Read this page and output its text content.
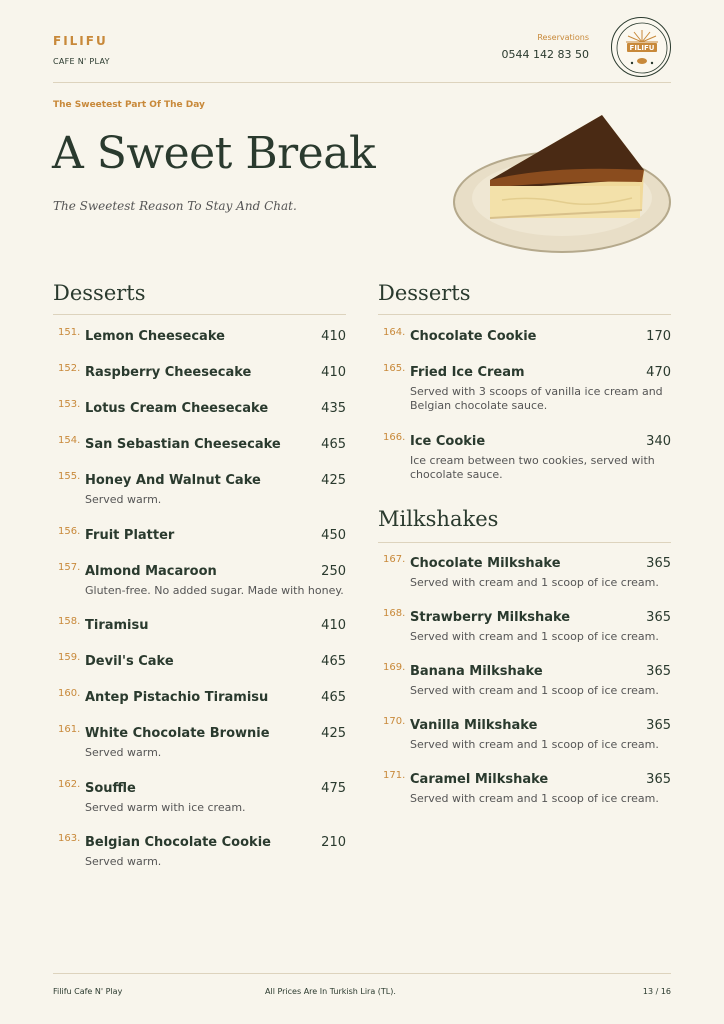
FILIFU
CAFE N' PLAY
Reservations
0544 142 83 50	FILIFU
The Sweetest Part Of The Day
A Sweet Break
The Sweetest Reason To Stay And Chat.
Desserts
151. Lemon Cheesecake	410
152. Raspberry Cheesecake	410
153. Lotus Cream Cheesecake	435
154. San Sebastian Cheesecake	465
155. Honey And Walnut Cake	425
Served warm.
156. Fruit Platter	450
157. Almond Macaroon	250
Gluten-free. No added sugar. Made with honey.
158. Tiramisu	410
159. Devil's Cake	465
160. Antep Pistachio Tiramisu	465
161. White Chocolate Brownie	425
Served warm.
162. Souffle	475
Served warm with ice cream.
163. Belgian Chocolate Cookie	210
Served warm.
Desserts
164. Chocolate Cookie	170
165. Fried Ice Cream	470
Served with 3 scoops of vanilla ice cream and Belgian chocolate sauce.
166. Ice Cookie	340
Ice cream between two cookies, served with chocolate sauce.
Milkshakes
167. Chocolate Milkshake	365
Served with cream and 1 scoop of ice cream.
168. Strawberry Milkshake	365
Served with cream and 1 scoop of ice cream.
169. Banana Milkshake	365
Served with cream and 1 scoop of ice cream.
170. Vanilla Milkshake	365
Served with cream and 1 scoop of ice cream.
171. Caramel Milkshake	365
Served with cream and 1 scoop of ice cream.
Filifu Cafe N' Play	All Prices Are In Turkish Lira (TL).	13 / 16
